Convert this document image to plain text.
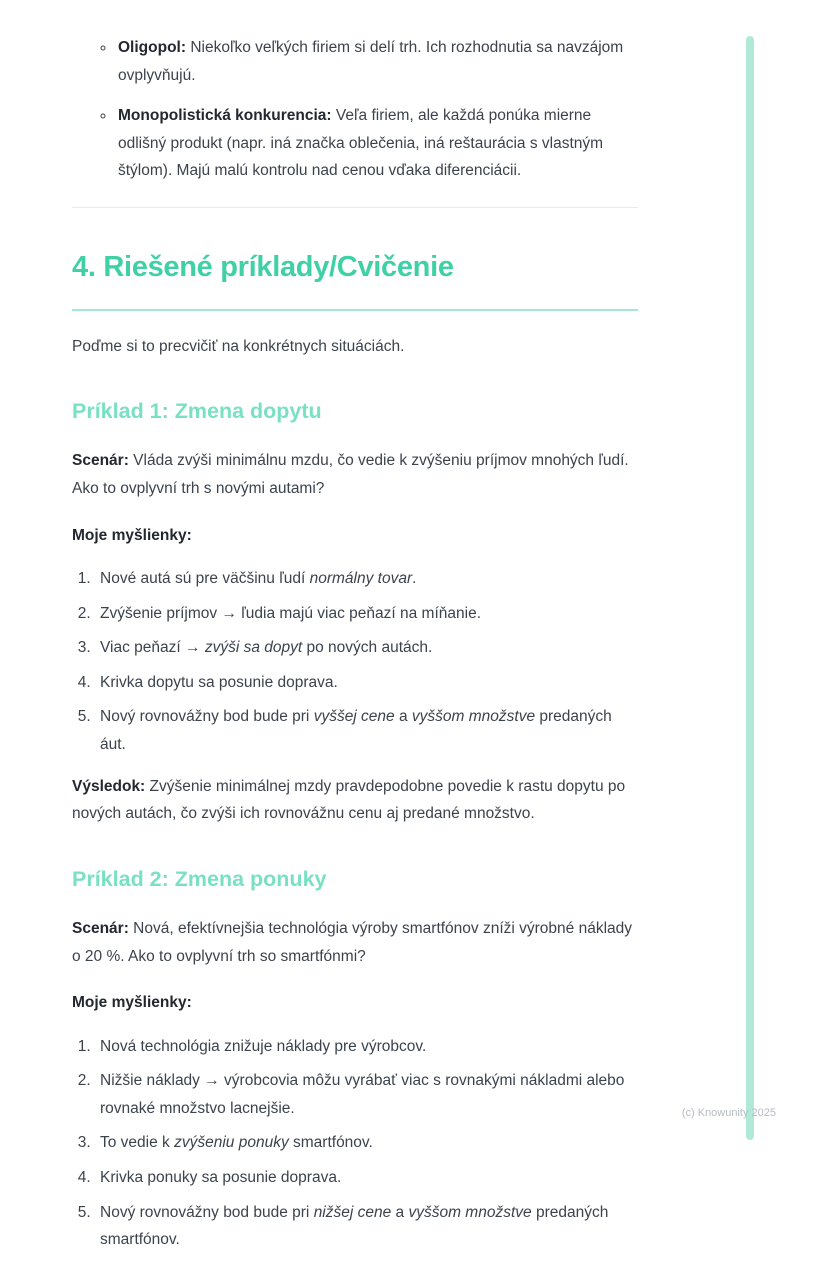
◦ Oligopol: Niekoľko veľkých firiem si delí trh. Ich rozhodnutia sa navzájom ovplyvňujú.
◦ Monopolistická konkurencia: Veľa firiem, ale každá ponúka mierne odlišný produkt (napr. iná značka oblečenia, iná reštaurácia s vlastným štýlom). Majú malú kontrolu nad cenou vďaka diferenciácii.
4. Riešené príklady/Cvičenie

Poďme si to precvičiť na konkrétnych situáciách.

Príklad 1: Zmena dopytu

Scenár: Vláda zvýši minimálnu mzdu, čo vedie k zvýšeniu príjmov mnohých ľudí. Ako to ovplyvní trh s novými autami?

Moje myšlienky:

1. Nové autá sú pre väčšinu ľudí normálny tovar.
2. Zvýšenie príjmov → ľudia majú viac peňazí na míňanie.
3. Viac peňazí → zvýši sa dopyt po nových autách.
4. Krivka dopytu sa posunie doprava.
5. Nový rovnovážny bod bude pri vyššej cene a vyššom množstve predaných áut.

Výsledok: Zvýšenie minimálnej mzdy pravdepodobne povedie k rastu dopytu po nových autách, čo zvýši ich rovnovážnu cenu aj predané množstvo.

Príklad 2: Zmena ponuky

Scenár: Nová, efektívnejšia technológia výroby smartfónov zníži výrobné náklady o 20 %. Ako to ovplyvní trh so smartfónmi?

Moje myšlienky:

1. Nová technológia znižuje náklady pre výrobcov.
2. Nižšie náklady → výrobcovia môžu vyrábať viac s rovnakými nákladmi alebo rovnaké množstvo lacnejšie.
3. To vedie k zvýšeniu ponuky smartfónov.
4. Krivka ponuky sa posunie doprava.
5. Nový rovnovážny bod bude pri nižšej cene a vyššom množstve predaných smartfónov.
(c) Knowunity 2025
